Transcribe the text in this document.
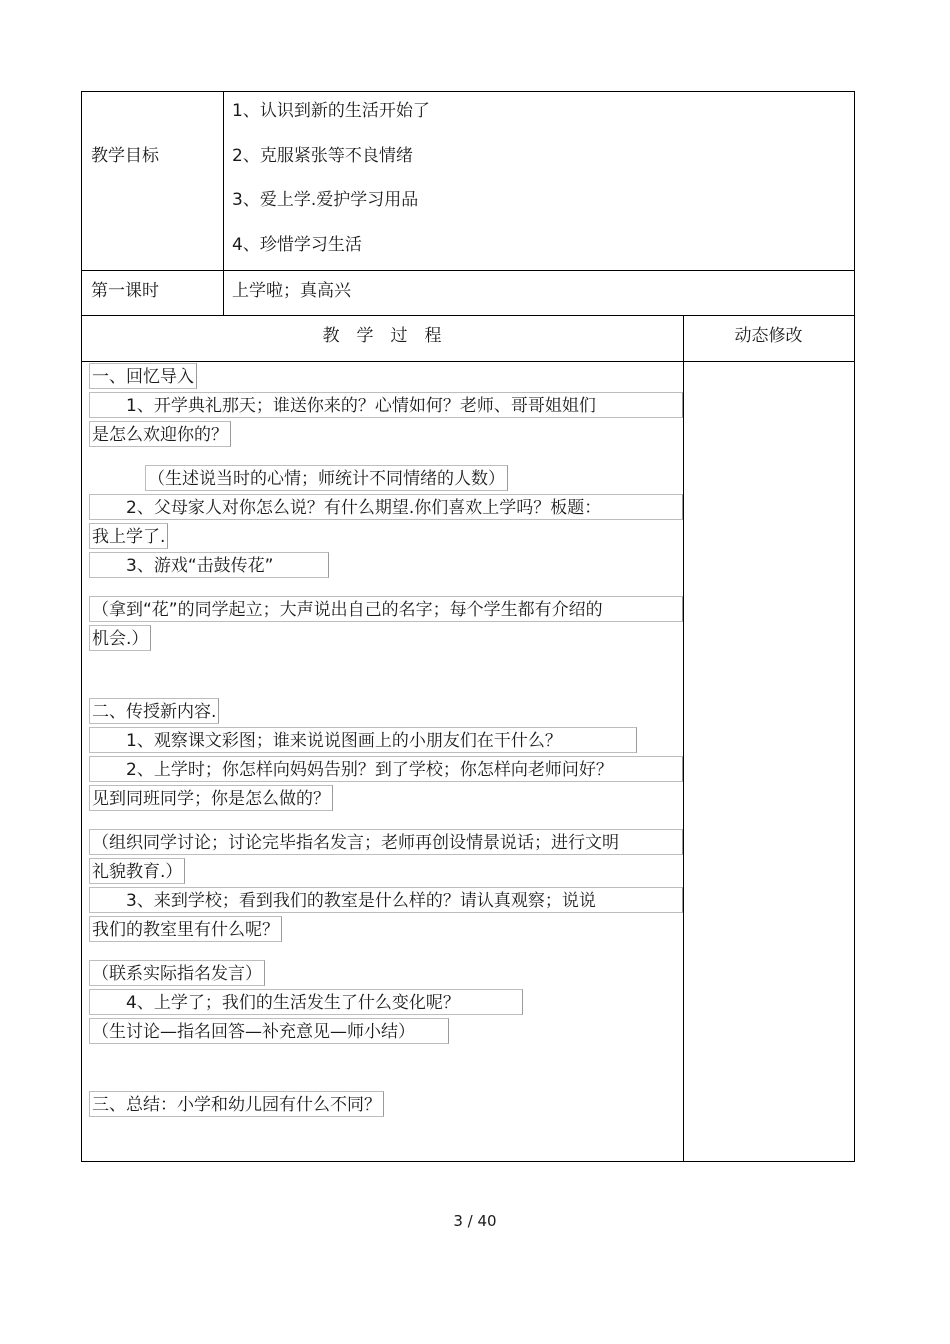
教学目标
1、认识到新的生活开始了
2、克服紧张等不良情绪
3、爱上学.爱护学习用品
4、珍惜学习生活
第一课时	上学啦；真高兴
教　学　过　程	动态修改
一、回忆导入
　　1、开学典礼那天；谁送你来的？心情如何？老师、哥哥姐姐们
是怎么欢迎你的？
（生述说当时的心情；师统计不同情绪的人数）
　　2、父母家人对你怎么说？有什么期望.你们喜欢上学吗？板题：
我上学了.
　　3、游戏“击鼓传花”
（拿到“花”的同学起立；大声说出自己的名字；每个学生都有介绍的
机会.）
二、传授新内容.
　　1、观察课文彩图；谁来说说图画上的小朋友们在干什么？
　　2、上学时；你怎样向妈妈告别？到了学校；你怎样向老师问好？
见到同班同学；你是怎么做的？
（组织同学讨论；讨论完毕指名发言；老师再创设情景说话；进行文明
礼貌教育.）
　　3、来到学校；看到我们的教室是什么样的？请认真观察；说说
我们的教室里有什么呢？
（联系实际指名发言）
　　4、上学了；我们的生活发生了什么变化呢？
（生讨论—指名回答—补充意见—师小结）
三、总结：小学和幼儿园有什么不同？
3 / 40
